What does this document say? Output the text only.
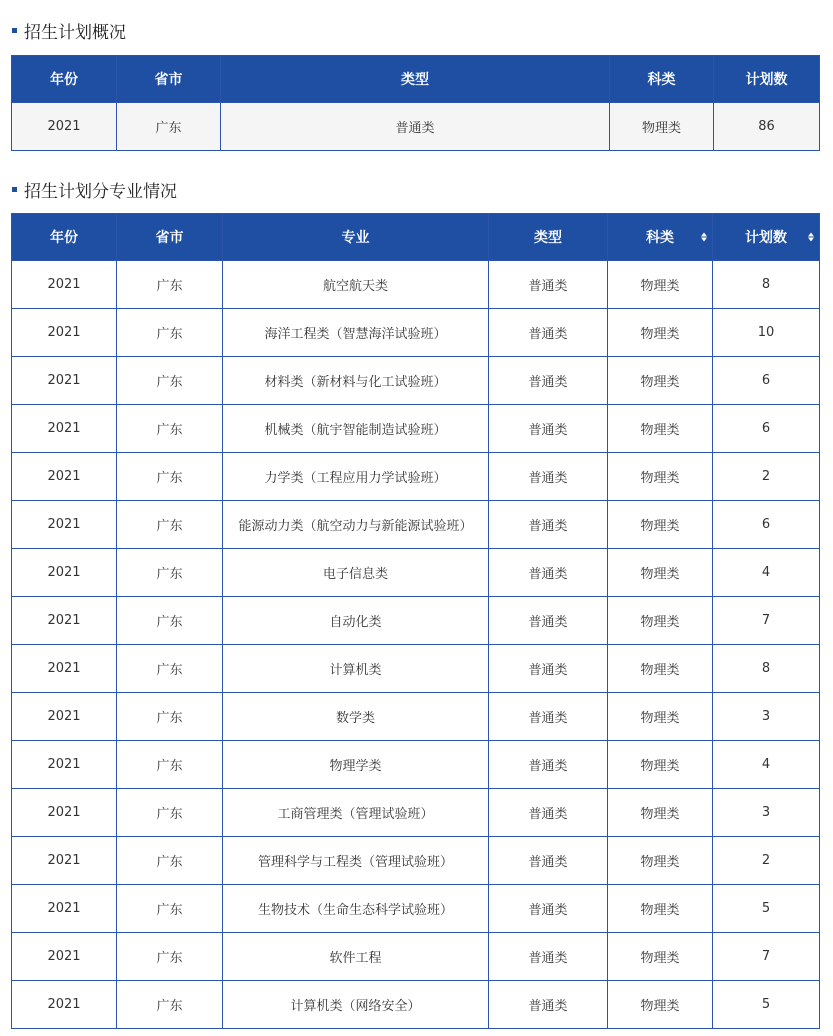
招生计划概况
年份	省市	类型	科类	计划数
2021	广东	普通类	物理类	86
招生计划分专业情况
年份	省市	专业	类型	科类	计划数

2021	广东	航空航天类	普通类	物理类	8
2021	广东	海洋工程类（智慧海洋试验班）	普通类	物理类	10
2021	广东	材料类（新材料与化工试验班）	普通类	物理类	6
2021	广东	机械类（航宇智能制造试验班）	普通类	物理类	6
2021	广东	力学类（工程应用力学试验班）	普通类	物理类	2
2021	广东	能源动力类（航空动力与新能源试验班）	普通类	物理类	6
2021	广东	电子信息类	普通类	物理类	4
2021	广东	自动化类	普通类	物理类	7
2021	广东	计算机类	普通类	物理类	8
2021	广东	数学类	普通类	物理类	3
2021	广东	物理学类	普通类	物理类	4
2021	广东	工商管理类（管理试验班）	普通类	物理类	3
2021	广东	管理科学与工程类（管理试验班）	普通类	物理类	2
2021	广东	生物技术（生命生态科学试验班）	普通类	物理类	5
2021	广东	软件工程	普通类	物理类	7
2021	广东	计算机类（网络安全）	普通类	物理类	5
